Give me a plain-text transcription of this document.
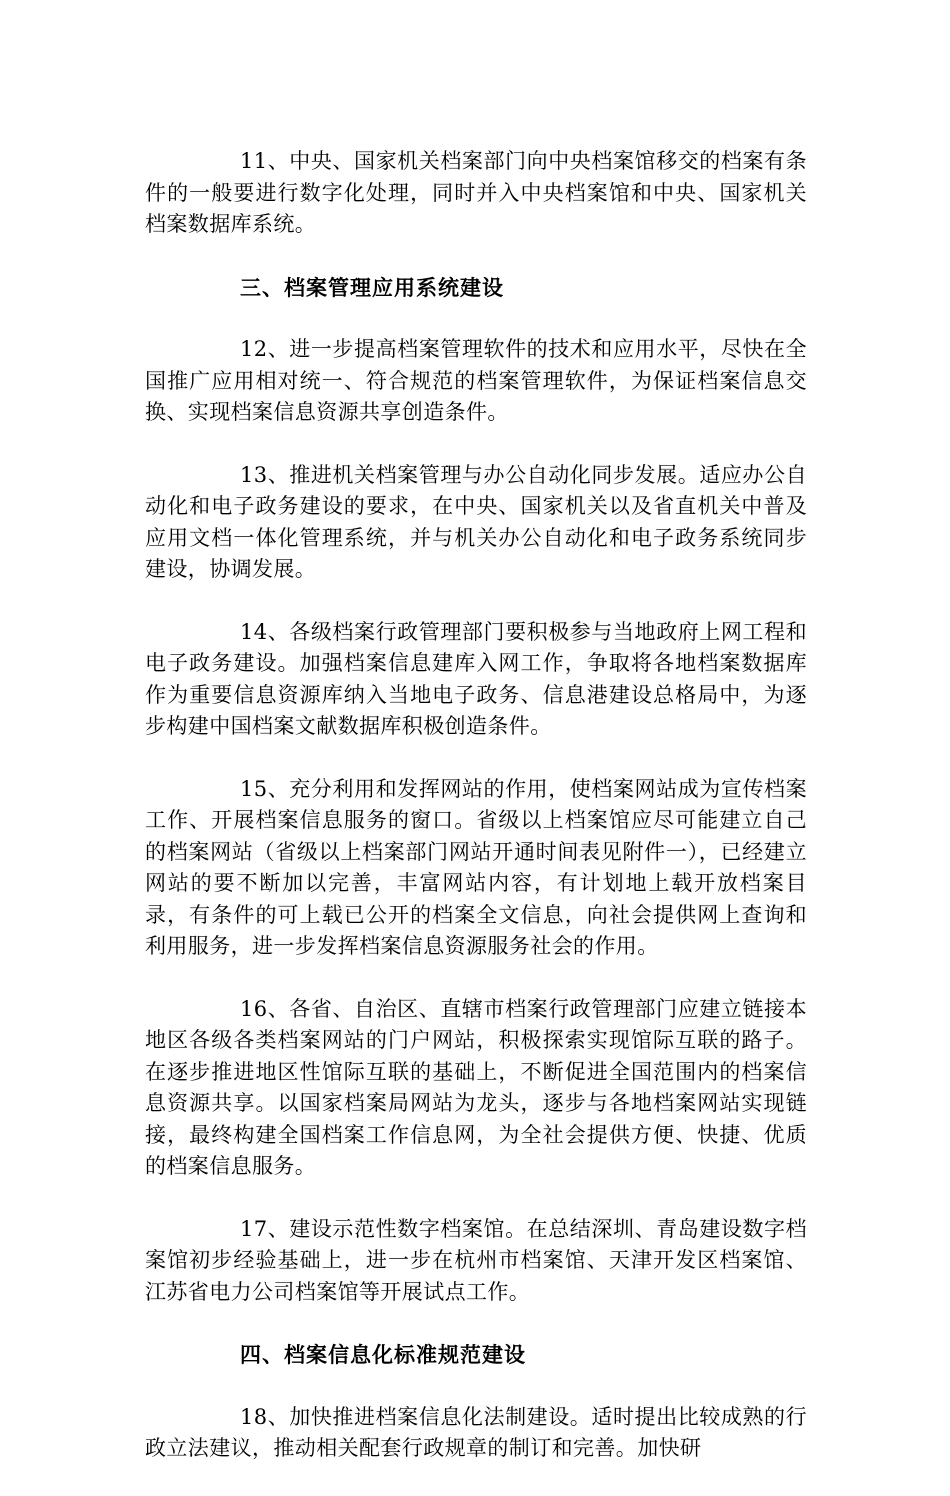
11、中央、国家机关档案部门向中央档案馆移交的档案有条件的一般要进行数字化处理，同时并入中央档案馆和中央、国家机关档案数据库系统。

三、档案管理应用系统建设

12、进一步提高档案管理软件的技术和应用水平，尽快在全国推广应用相对统一、符合规范的档案管理软件，为保证档案信息交换、实现档案信息资源共享创造条件。

13、推进机关档案管理与办公自动化同步发展。适应办公自动化和电子政务建设的要求，在中央、国家机关以及省直机关中普及应用文档一体化管理系统，并与机关办公自动化和电子政务系统同步建设，协调发展。

14、各级档案行政管理部门要积极参与当地政府上网工程和电子政务建设。加强档案信息建库入网工作，争取将各地档案数据库作为重要信息资源库纳入当地电子政务、信息港建设总格局中，为逐步构建中国档案文献数据库积极创造条件。

15、充分利用和发挥网站的作用，使档案网站成为宣传档案工作、开展档案信息服务的窗口。省级以上档案馆应尽可能建立自己的档案网站（省级以上档案部门网站开通时间表见附件一），已经建立网站的要不断加以完善，丰富网站内容，有计划地上载开放档案目录，有条件的可上载已公开的档案全文信息，向社会提供网上查询和利用服务，进一步发挥档案信息资源服务社会的作用。

16、各省、自治区、直辖市档案行政管理部门应建立链接本地区各级各类档案网站的门户网站，积极探索实现馆际互联的路子。在逐步推进地区性馆际互联的基础上，不断促进全国范围内的档案信息资源共享。以国家档案局网站为龙头，逐步与各地档案网站实现链接，最终构建全国档案工作信息网，为全社会提供方便、快捷、优质的档案信息服务。

17、建设示范性数字档案馆。在总结深圳、青岛建设数字档案馆初步经验基础上，进一步在杭州市档案馆、天津开发区档案馆、江苏省电力公司档案馆等开展试点工作。

四、档案信息化标准规范建设

18、加快推进档案信息化法制建设。适时提出比较成熟的行政立法建议，推动相关配套行政规章的制订和完善。加快研
